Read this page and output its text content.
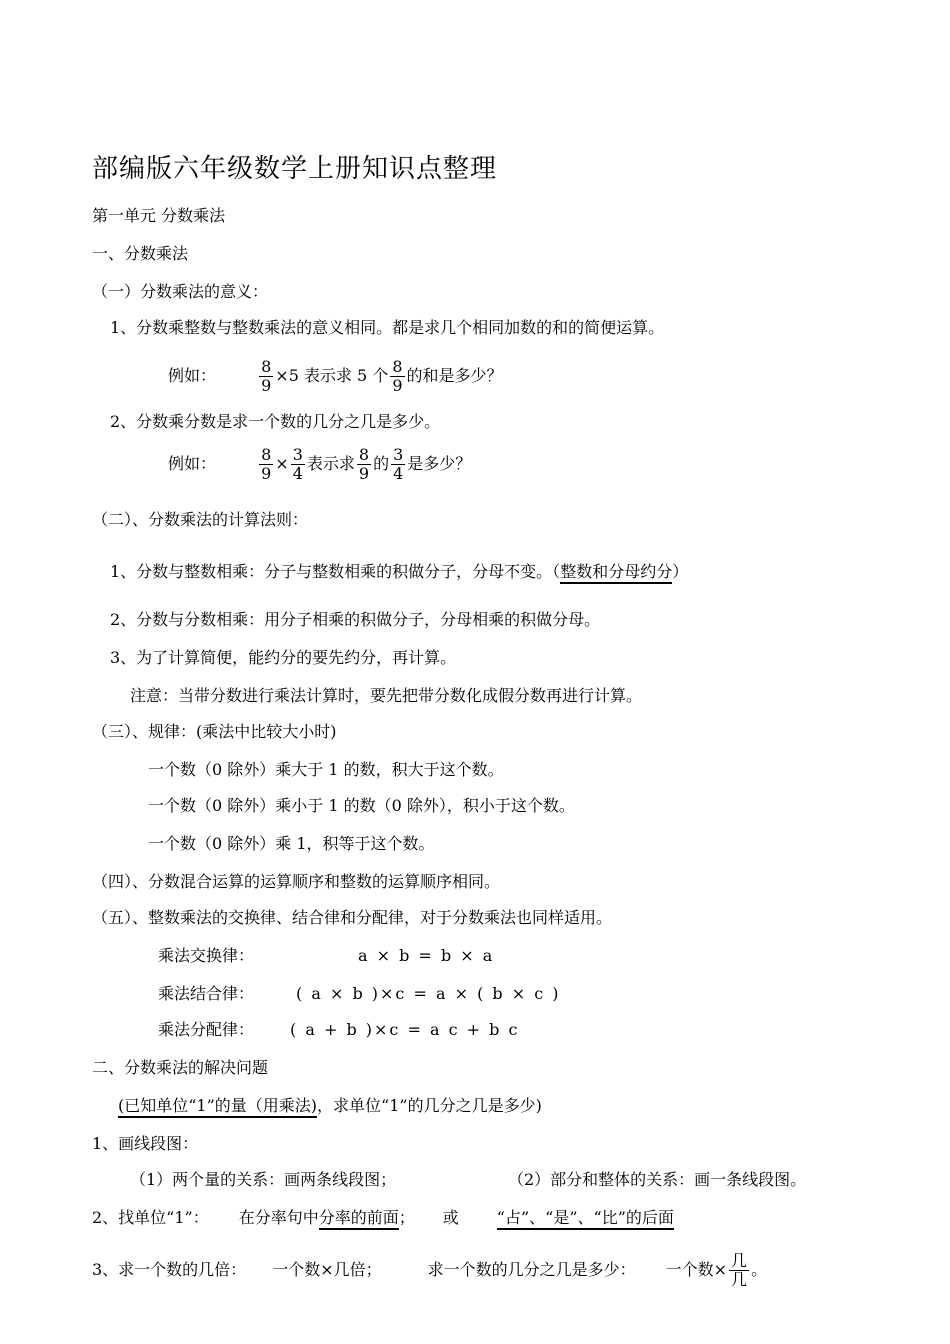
部编版六年级数学上册知识点整理
第一单元 分数乘法
一、分数乘法
（一）分数乘法的意义：
1、分数乘整数与整数乘法的意义相同。都是求几个相同加数的和的简便运算。
例如：	$\frac{8}{9} \times 5$ 表示求 5 个 $\frac{8}{9}$ 的和是多少？
2、分数乘分数是求一个数的几分之几是多少。
例如：	$\frac{8}{9} \times \frac{3}{4}$ 表示求 $\frac{8}{9}$ 的 $\frac{3}{4}$ 是多少？
（二）、分数乘法的计算法则：
1、分数与整数相乘：分子与整数相乘的积做分子，分母不变。（整数和分母约分）
2、分数与分数相乘：用分子相乘的积做分子，分母相乘的积做分母。
3、为了计算简便，能约分的要先约分，再计算。
注意：当带分数进行乘法计算时，要先把带分数化成假分数再进行计算。
（三）、规律：(乘法中比较大小时)
一个数（0 除外）乘大于 1 的数，积大于这个数。
一个数（0 除外）乘小于 1 的数（0 除外），积小于这个数。
一个数（0 除外）乘 1，积等于这个数。
（四）、分数混合运算的运算顺序和整数的运算顺序相同。
（五）、整数乘法的交换律、结合律和分配律，对于分数乘法也同样适用。
乘法交换律：	a × b = b × a
乘法结合律：	( a × b )×c = a × ( b × c )
乘法分配律： ( a + b )×c = a c + b c
二、分数乘法的解决问题
(已知单位“1”的量（用乘法)，求单位“1”的几分之几是多少)
1、画线段图：
（1）两个量的关系：画两条线段图；	（2）部分和整体的关系：画一条线段图。
2、找单位“1”： 在分率句中分率的前面； 或 “占”、“是”、“比”的后面
3、求一个数的几倍： 一个数×几倍；	求一个数的几分之几是多少： 一个数× $\frac{\text{几}}{\text{几}}$ 。
